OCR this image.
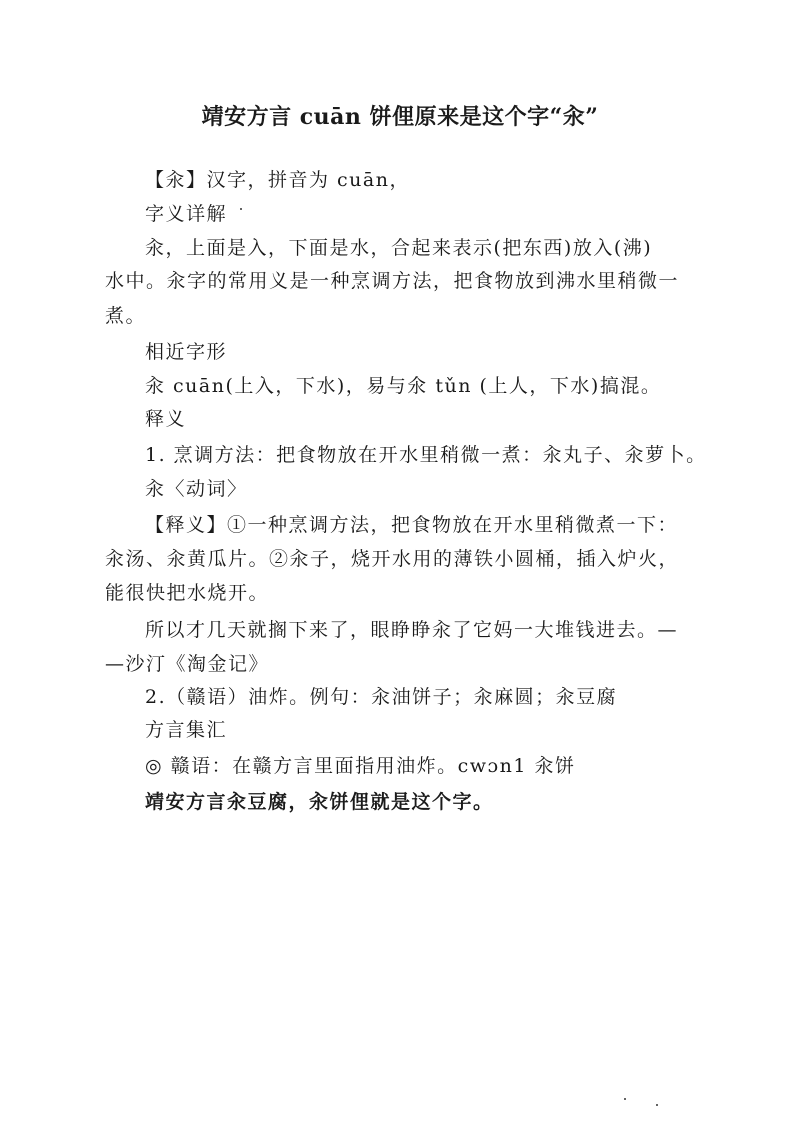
靖安方言 cuān 饼俚原来是这个字“汆”
【汆】汉字，拼音为 cuān，
字义详解
汆，上面是入，下面是水，合起来表示(把东西)放入(沸)
水中。汆字的常用义是一种烹调方法，把食物放到沸水里稍微一
煮。
相近字形
汆 cuān(上入，下水)，易与氽 tǔn (上人，下水)搞混。
释义
1. 烹调方法：把食物放在开水里稍微一煮：汆丸子、汆萝卜。
汆〈动词〉
【释义】①一种烹调方法，把食物放在开水里稍微煮一下：
汆汤、汆黄瓜片。②汆子，烧开水用的薄铁小圆桶，插入炉火，
能很快把水烧开。
所以才几天就搁下来了，眼睁睁汆了它妈一大堆钱进去。—
—沙汀《淘金记》
2.（赣语）油炸。例句：汆油饼子；汆麻圆；汆豆腐
方言集汇
◎ 赣语：在赣方言里面指用油炸。cwɔn1 汆饼
靖安方言汆豆腐，汆饼俚就是这个字。
